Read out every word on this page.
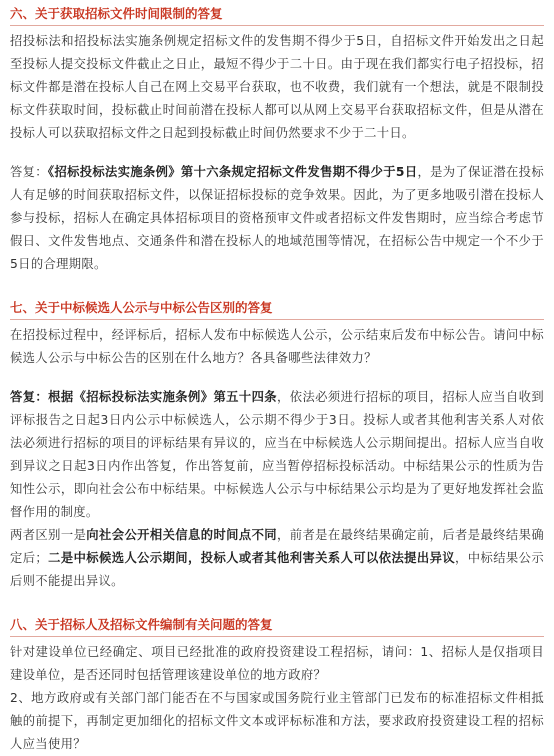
六、关于获取招标文件时间限制的答复

招投标法和招投标法实施条例规定招标文件的发售期不得少于5日，自招标文件开始发出之日起至投标人提交投标文件截止之日止，最短不得少于二十日。由于现在我们都实行电子招投标，招标文件都是潜在投标人自己在网上交易平台获取，也不收费，我们就有一个想法，就是不限制投标文件获取时间，投标截止时间前潜在投标人都可以从网上交易平台获取招标文件，但是从潜在投标人可以获取招标文件之日起到投标截止时间仍然要求不少于二十日。

答复：《招标投标法实施条例》第十六条规定招标文件发售期不得少于5日，是为了保证潜在投标人有足够的时间获取招标文件，以保证招标投标的竞争效果。因此，为了更多地吸引潜在投标人参与投标，招标人在确定具体招标项目的资格预审文件或者招标文件发售期时，应当综合考虑节假日、文件发售地点、交通条件和潜在投标人的地域范围等情况，在招标公告中规定一个不少于5日的合理期限。

七、关于中标候选人公示与中标公告区别的答复

在招投标过程中，经评标后，招标人发布中标候选人公示，公示结束后发布中标公告。请问中标候选人公示与中标公告的区别在什么地方？各具备哪些法律效力？

答复：根据《招标投标法实施条例》第五十四条，依法必须进行招标的项目，招标人应当自收到评标报告之日起3日内公示中标候选人，公示期不得少于3日。投标人或者其他利害关系人对依法必须进行招标的项目的评标结果有异议的，应当在中标候选人公示期间提出。招标人应当自收到异议之日起3日内作出答复，作出答复前，应当暂停招标投标活动。中标结果公示的性质为告知性公示，即向社会公布中标结果。中标候选人公示与中标结果公示均是为了更好地发挥社会监督作用的制度。

两者区别一是向社会公开相关信息的时间点不同，前者是在最终结果确定前，后者是最终结果确定后；二是中标候选人公示期间，投标人或者其他利害关系人可以依法提出异议，中标结果公示后则不能提出异议。

八、关于招标人及招标文件编制有关问题的答复

针对建设单位已经确定、项目已经批准的政府投资建设工程招标，请问：1、招标人是仅指项目建设单位，是否还同时包括管理该建设单位的地方政府？

2、地方政府或有关部门部门能否在不与国家或国务院行业主管部门已发布的标准招标文件相抵触的前提下，再制定更加细化的招标文件文本或评标标准和方法，要求政府投资建设工程的招标人应当使用？
